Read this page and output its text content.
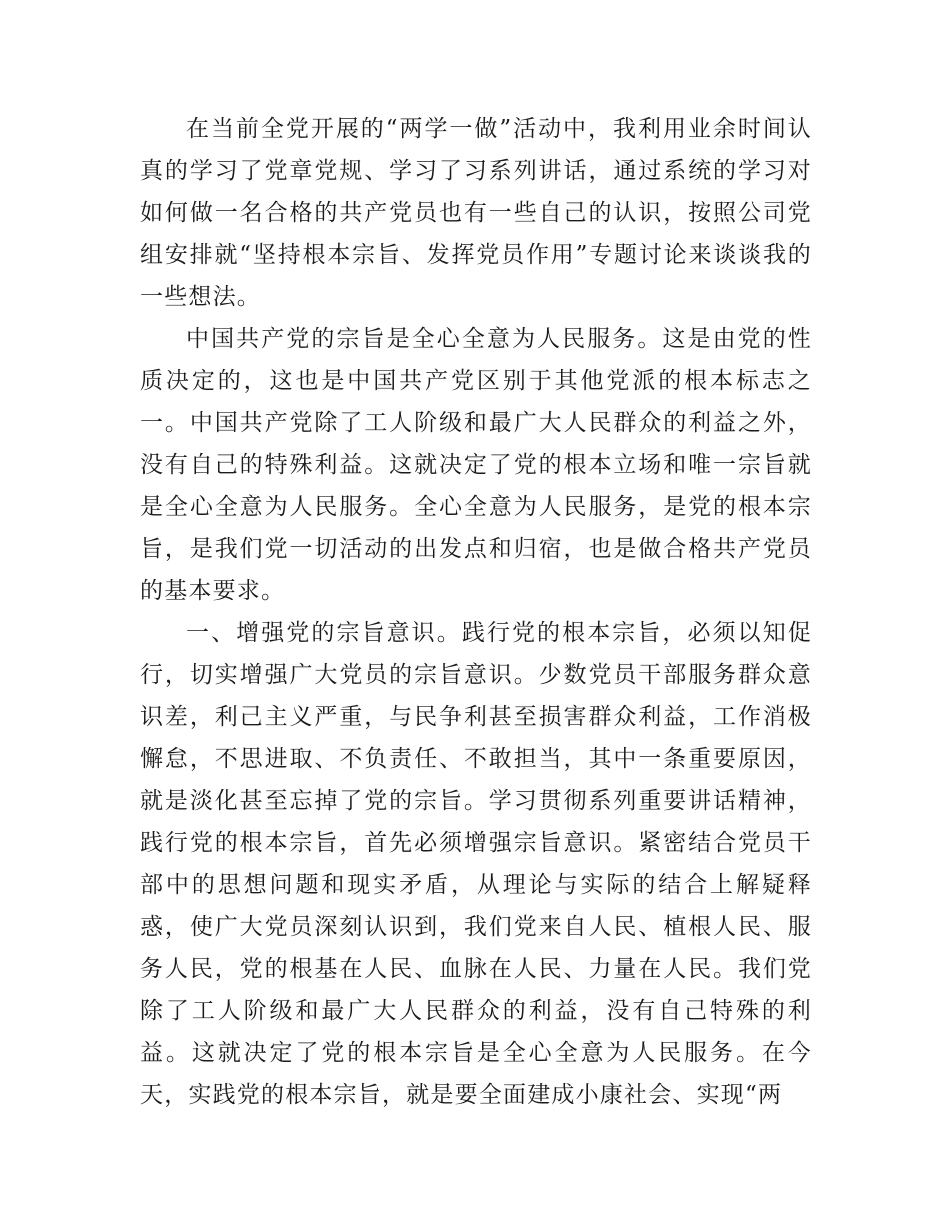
在当前全党开展的“两学一做”活动中，我利用业余时间认真的学习了党章党规、学习了习系列讲话，通过系统的学习对如何做一名合格的共产党员也有一些自己的认识，按照公司党组安排就“坚持根本宗旨、发挥党员作用”专题讨论来谈谈我的一些想法。

中国共产党的宗旨是全心全意为人民服务。这是由党的性质决定的，这也是中国共产党区别于其他党派的根本标志之一。中国共产党除了工人阶级和最广大人民群众的利益之外，没有自己的特殊利益。这就决定了党的根本立场和唯一宗旨就是全心全意为人民服务。全心全意为人民服务，是党的根本宗旨，是我们党一切活动的出发点和归宿，也是做合格共产党员的基本要求。

一、增强党的宗旨意识。践行党的根本宗旨，必须以知促行，切实增强广大党员的宗旨意识。少数党员干部服务群众意识差，利己主义严重，与民争利甚至损害群众利益，工作消极懈怠，不思进取、不负责任、不敢担当，其中一条重要原因，就是淡化甚至忘掉了党的宗旨。学习贯彻系列重要讲话精神，践行党的根本宗旨，首先必须增强宗旨意识。紧密结合党员干部中的思想问题和现实矛盾，从理论与实际的结合上解疑释惑，使广大党员深刻认识到，我们党来自人民、植根人民、服务人民，党的根基在人民、血脉在人民、力量在人民。我们党除了工人阶级和最广大人民群众的利益，没有自己特殊的利益。这就决定了党的根本宗旨是全心全意为人民服务。在今天，实践党的根本宗旨，就是要全面建成小康社会、实现“两
